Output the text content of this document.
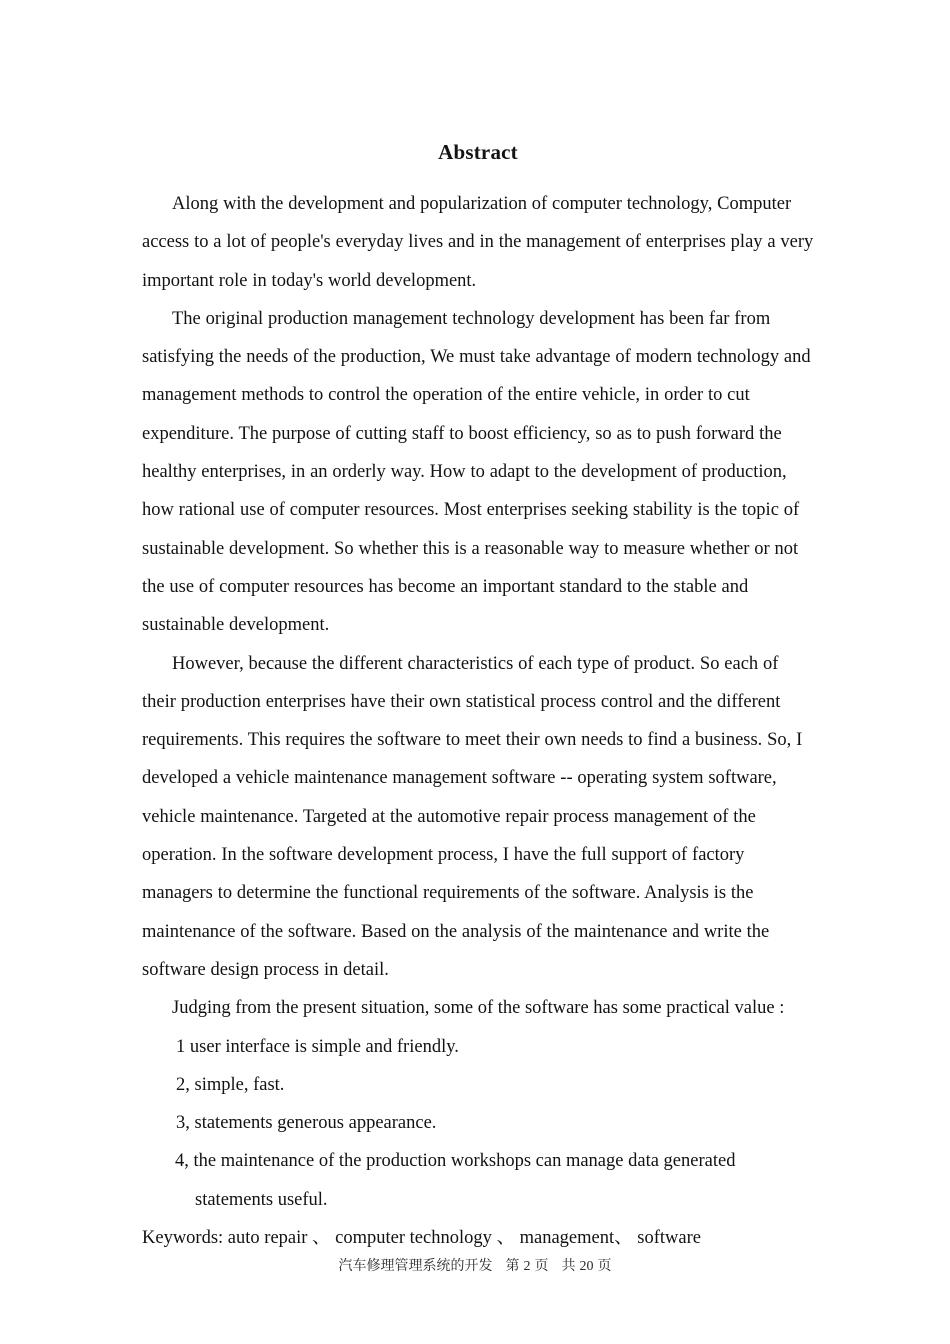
Abstract

Along with the development and popularization of computer technology, Computer access to a lot of people's everyday lives and in the management of enterprises play a very important role in today's world development.

The original production management technology development has been far from satisfying the needs of the production, We must take advantage of modern technology and management methods to control the operation of the entire vehicle, in order to cut expenditure. The purpose of cutting staff to boost efficiency, so as to push forward the healthy enterprises, in an orderly way. How to adapt to the development of production, how rational use of computer resources. Most enterprises seeking stability is the topic of sustainable development. So whether this is a reasonable way to measure whether or not the use of computer resources has become an important standard to the stable and sustainable development.

However, because the different characteristics of each type of product. So each of their production enterprises have their own statistical process control and the different requirements. This requires the software to meet their own needs to find a business. So, I developed a vehicle maintenance management software -- operating system software, vehicle maintenance. Targeted at the automotive repair process management of the operation. In the software development process, I have the full support of factory managers to determine the functional requirements of the software. Analysis is the maintenance of the software. Based on the analysis of the maintenance and write the software design process in detail.

Judging from the present situation, some of the software has some practical value :

1 user interface is simple and friendly.
2, simple, fast.
3, statements generous appearance.
4, the maintenance of the production workshops can manage data generated
statements useful.

Keywords: auto repair 、 computer technology 、 management、 software

汽车修理管理系统的开发 第 2 页 共 20 页
